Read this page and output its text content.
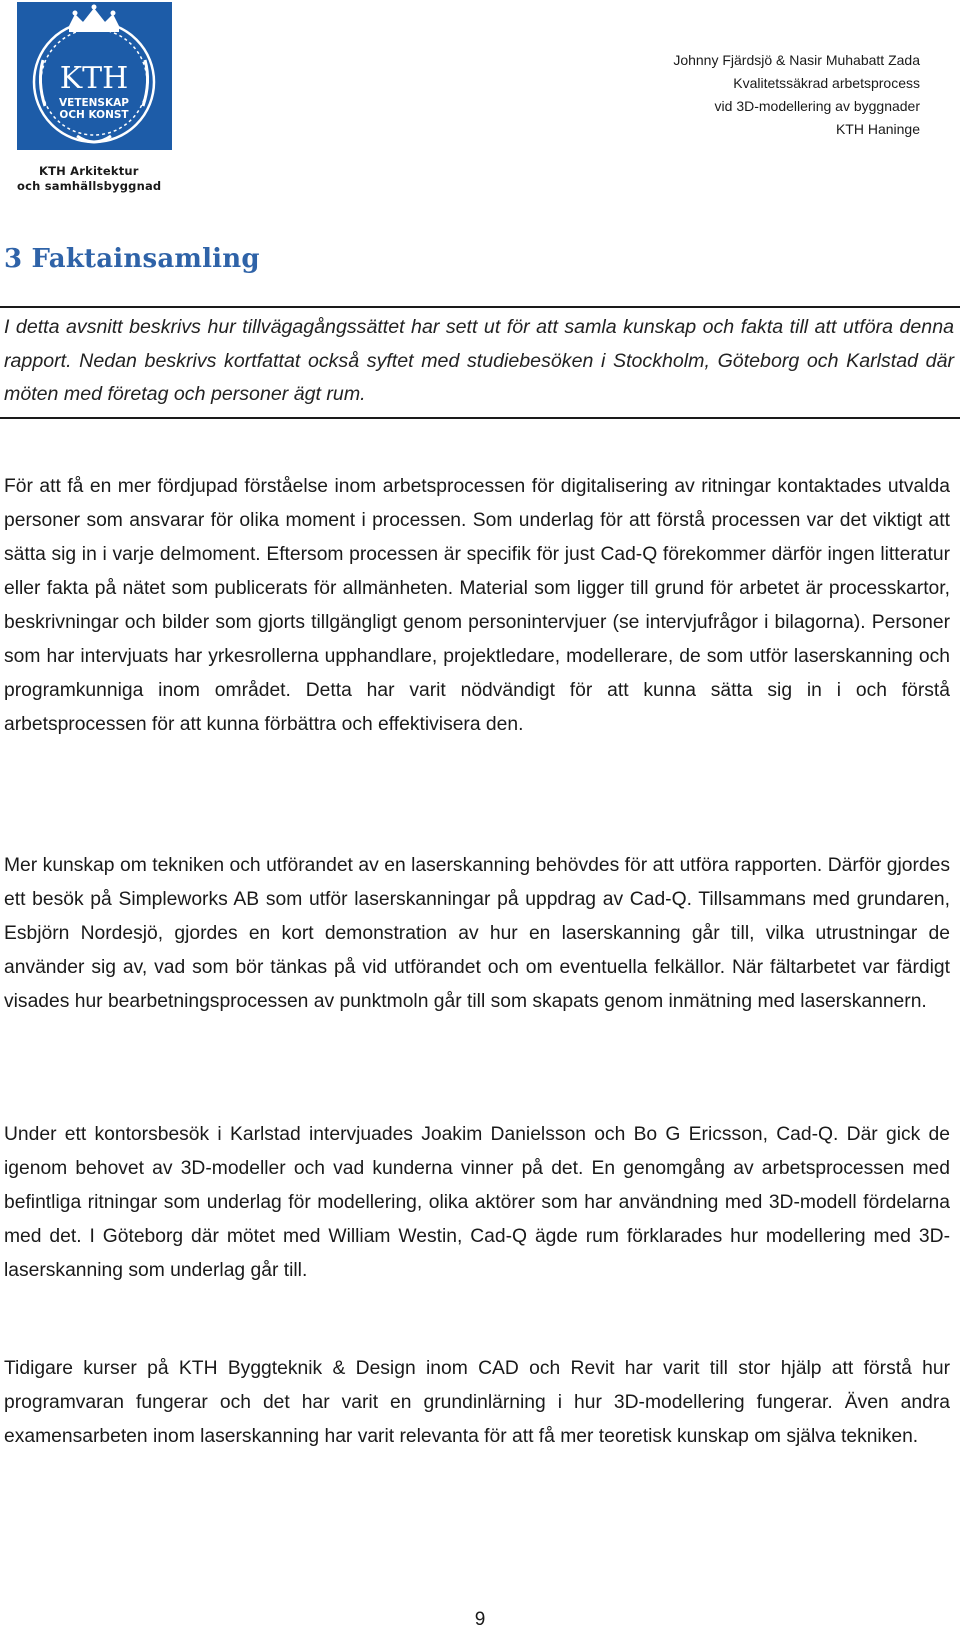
KTH
VETENSKAP
OCH KONST
KTH Arkitektur
och samhällsbyggnad
Johnny Fjärdsjö & Nasir Muhabatt Zada
Kvalitetssäkrad arbetsprocess
vid 3D-modellering av byggnader
KTH Haninge
3 Faktainsamling

I detta avsnitt beskrivs hur tillvägagångssättet har sett ut för att samla kunskap och fakta till att utföra denna rapport. Nedan beskrivs kortfattat också syftet med studiebesöken i Stockholm, Göteborg och Karlstad där möten med företag och personer ägt rum.

För att få en mer fördjupad förståelse inom arbetsprocessen för digitalisering av ritningar kontaktades utvalda personer som ansvarar för olika moment i processen. Som underlag för att förstå processen var det viktigt att sätta sig in i varje delmoment. Eftersom processen är specifik för just Cad-Q förekommer därför ingen litteratur eller fakta på nätet som publicerats för allmänheten. Material som ligger till grund för arbetet är processkartor, beskrivningar och bilder som gjorts tillgängligt genom personintervjuer (se intervjufrågor i bilagorna). Personer som har intervjuats har yrkesrollerna upphandlare, projektledare, modellerare, de som utför laserskanning och programkunniga inom området. Detta har varit nödvändigt för att kunna sätta sig in i och förstå arbetsprocessen för att kunna förbättra och effektivisera den.

Mer kunskap om tekniken och utförandet av en laserskanning behövdes för att utföra rapporten. Därför gjordes ett besök på Simpleworks AB som utför laserskanningar på uppdrag av Cad-Q. Tillsammans med grundaren, Esbjörn Nordesjö, gjordes en kort demonstration av hur en laserskanning går till, vilka utrustningar de använder sig av, vad som bör tänkas på vid utförandet och om eventuella felkällor. När fältarbetet var färdigt visades hur bearbetningsprocessen av punktmoln går till som skapats genom inmätning med laserskannern.

Under ett kontorsbesök i Karlstad intervjuades Joakim Danielsson och Bo G Ericsson, Cad-Q. Där gick de igenom behovet av 3D-modeller och vad kunderna vinner på det. En genomgång av arbetsprocessen med befintliga ritningar som underlag för modellering, olika aktörer som har användning med 3D-modell fördelarna med det. I Göteborg där mötet med William Westin, Cad-Q ägde rum förklarades hur modellering med 3D-laserskanning som underlag går till.

Tidigare kurser på KTH Byggteknik & Design inom CAD och Revit har varit till stor hjälp att förstå hur programvaran fungerar och det har varit en grundinlärning i hur 3D-modellering fungerar. Även andra examensarbeten inom laserskanning har varit relevanta för att få mer teoretisk kunskap om själva tekniken.

9
